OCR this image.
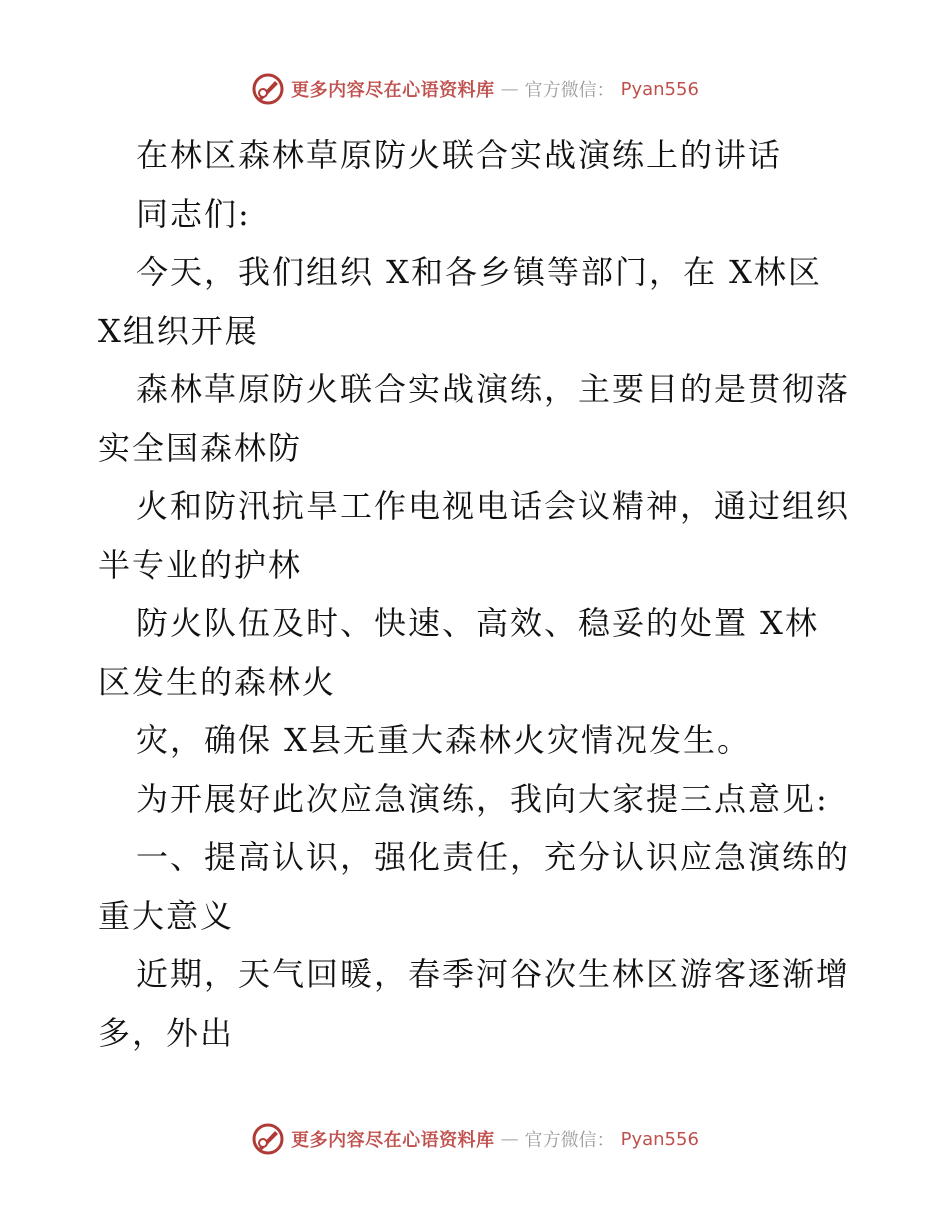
更多内容尽在心语资料库 — 官方微信： Pyan556

在林区森林草原防火联合实战演练上的讲话

同志们:

今天，我们组织 X和各乡镇等部门，在 X林区

X组织开展

森林草原防火联合实战演练，主要目的是贯彻落

实全国森林防

火和防汛抗旱工作电视电话会议精神，通过组织

半专业的护林

防火队伍及时、快速、高效、稳妥的处置 X林

区发生的森林火

灾，确保 X县无重大森林火灾情况发生。

为开展好此次应急演练，我向大家提三点意见:

一、提高认识，强化责任，充分认识应急演练的

重大意义

近期，天气回暖，春季河谷次生林区游客逐渐增

多，外出

更多内容尽在心语资料库 — 官方微信： Pyan556
